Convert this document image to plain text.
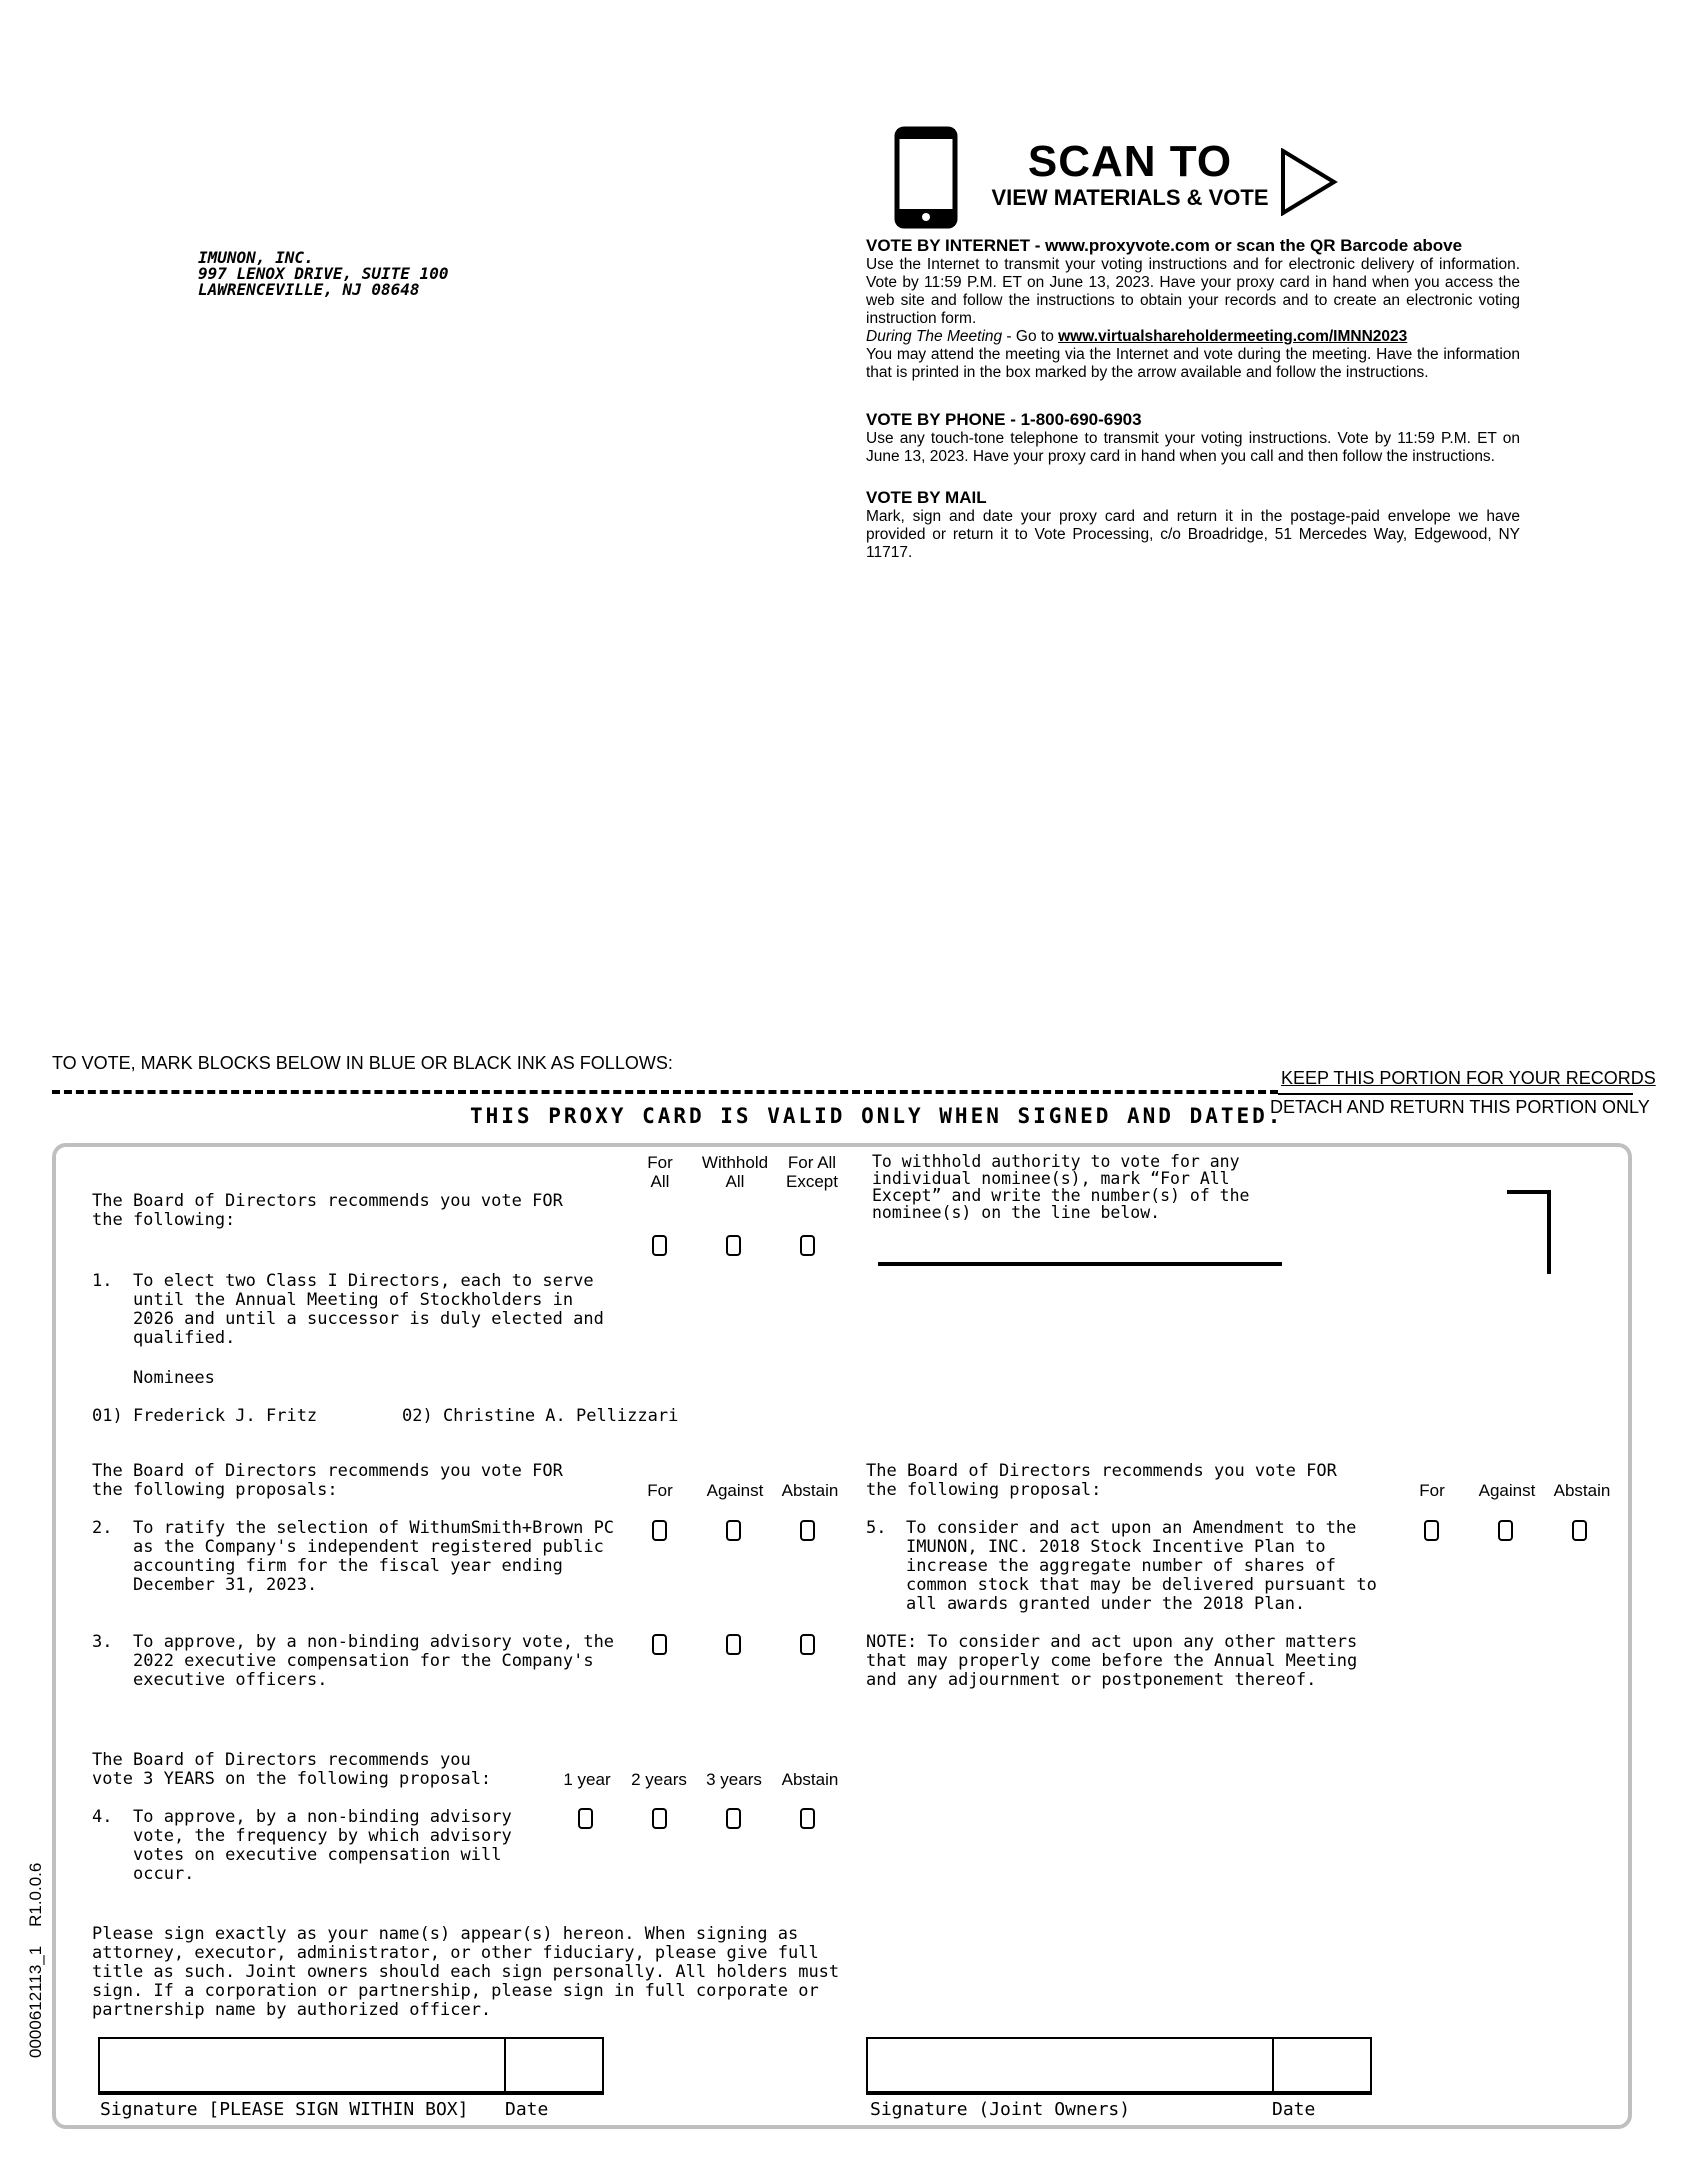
SCAN TO
VIEW MATERIALS & VOTE
IMUNON, INC.
997 LENOX DRIVE, SUITE 100
LAWRENCEVILLE, NJ 08648
VOTE BY INTERNET - www.proxyvote.com or scan the QR Barcode above
Use the Internet to transmit your voting instructions and for electronic delivery of information. Vote by 11:59 P.M. ET on June 13, 2023. Have your proxy card in hand when you access the web site and follow the instructions to obtain your records and to create an electronic voting instruction form.
During The Meeting - Go to www.virtualshareholdermeeting.com/IMNN2023
You may attend the meeting via the Internet and vote during the meeting. Have the information that is printed in the box marked by the arrow available and follow the instructions.
VOTE BY PHONE - 1-800-690-6903
Use any touch-tone telephone to transmit your voting instructions. Vote by 11:59 P.M. ET on June 13, 2023. Have your proxy card in hand when you call and then follow the instructions.
VOTE BY MAIL
Mark, sign and date your proxy card and return it in the postage-paid envelope we have provided or return it to Vote Processing, c/o Broadridge, 51 Mercedes Way, Edgewood, NY 11717.
TO VOTE, MARK BLOCKS BELOW IN BLUE OR BLACK INK AS FOLLOWS:
KEEP THIS PORTION FOR YOUR RECORDS
DETACH AND RETURN THIS PORTION ONLY
THIS PROXY CARD IS VALID ONLY WHEN SIGNED AND DATED.
For
All
Withhold
All
For All
Except
To withhold authority to vote for any
individual nominee(s), mark “For All
Except” and write the number(s) of the
nominee(s) on the line below.
The Board of Directors recommends you vote FOR
the following:
1. To elect two Class I Directors, each to serve
until the Annual Meeting of Stockholders in
2026 and until a successor is duly elected and
qualified.
Nominees
01) Frederick J. Fritz	02) Christine A. Pellizzari
The Board of Directors recommends you vote FOR
the following proposals:	For	Against	Abstain
2. To ratify the selection of WithumSmith+Brown PC
as the Company's independent registered public
accounting firm for the fiscal year ending
December 31, 2023.
3. To approve, by a non-binding advisory vote, the
2022 executive compensation for the Company's
executive officers.
The Board of Directors recommends you vote FOR
the following proposal:	For	Against	Abstain
5. To consider and act upon an Amendment to the
IMUNON, INC. 2018 Stock Incentive Plan to
increase the aggregate number of shares of
common stock that may be delivered pursuant to
all awards granted under the 2018 Plan.
NOTE: To consider and act upon any other matters
that may properly come before the Annual Meeting
and any adjournment or postponement thereof.
The Board of Directors recommends you
vote 3 YEARS on the following proposal:	1 year	2 years	3 years	Abstain
4. To approve, by a non-binding advisory
vote, the frequency by which advisory
votes on executive compensation will
occur.
Please sign exactly as your name(s) appear(s) hereon. When signing as
attorney, executor, administrator, or other fiduciary, please give full
title as such. Joint owners should each sign personally. All holders must
sign. If a corporation or partnership, please sign in full corporate or
partnership name by authorized officer.
Signature [PLEASE SIGN WITHIN BOX] Date	Signature (Joint Owners)	Date
0000612113_1    R1.0.0.6
